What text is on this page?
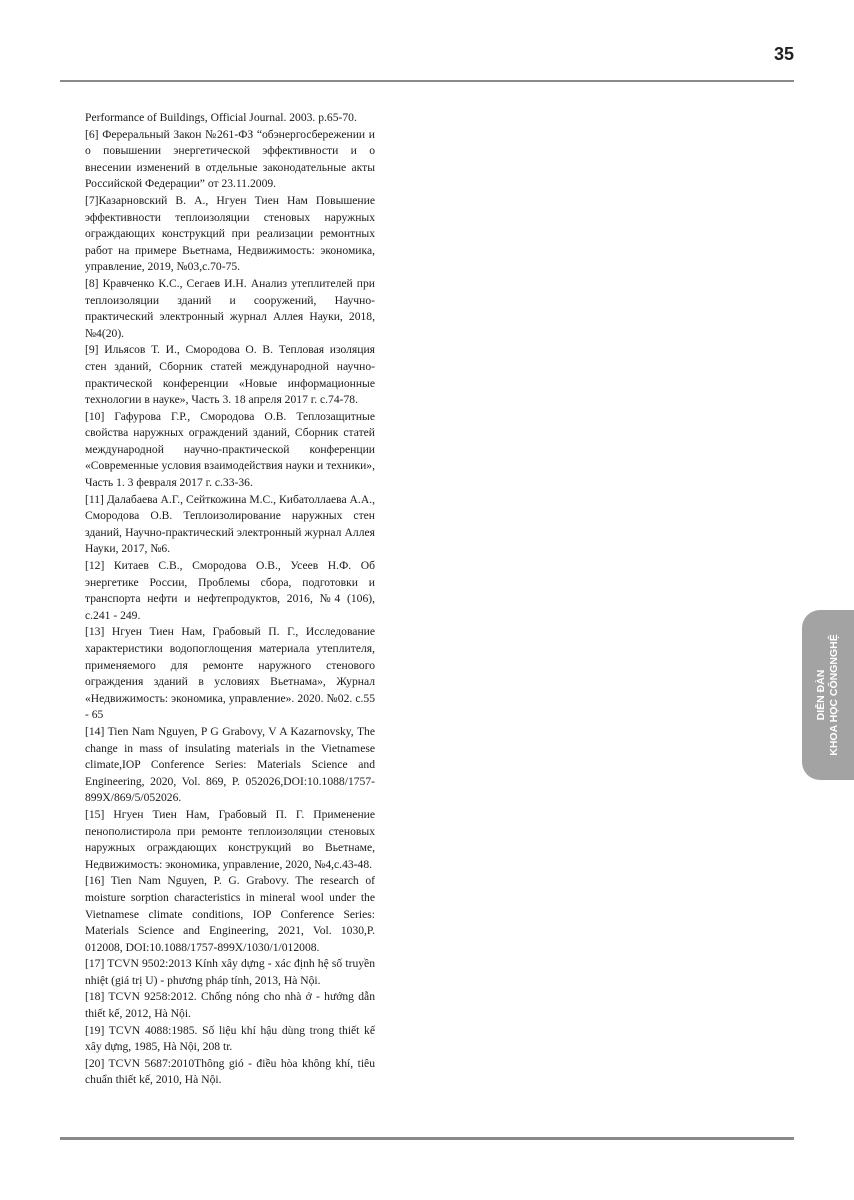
35

Performance of Buildings, Official Journal. 2003. p.65-70.

[6] Фереральный Закон №261-ФЗ “обэнергосбережении и о повышении энергетической эффективности и о внесении изменений в отдельные законодательные акты Российской Федерации” от 23.11.2009.

[7]Казарновский В. А., Нгуен Тиен Нам Повышение эффективности теплоизоляции стеновых наружных ограждающих конструкций при реализации ремонтных работ на примере Вьетнама, Недвижимость: экономика, управление, 2019, №03,с.70-75.

[8] Кравченко К.С., Сегаев И.Н. Анализ утеплителей при теплоизоляции зданий и сооружений, Научно-практический электронный журнал Аллея Науки, 2018, №4(20).

[9] Ильясов Т. И., Смородова О. В. Тепловая изоляция стен зданий, Сборник статей международной научно-практической конференции «Новые информационные технологии в науке», Часть 3. 18 апреля 2017 г. с.74-78.

[10] Гафурова Г.Р., Смородова О.В. Теплозащитные свойства наружных ограждений зданий, Сборник статей международной научно-практической конференции «Современные условия взаимодействия науки и техники», Часть 1. 3 февраля 2017 г. с.33-36.

[11] Далабаева А.Г., Сейткожина М.С., Кибатоллаева А.А., Смородова О.В. Теплоизолирование наружных стен зданий, Научно-практический электронный журнал Аллея Науки, 2017, №6.

[12] Китаев С.В., Смородова О.В., Усеев Н.Ф. Об энергетике России, Проблемы сбора, подготовки и транспорта нефти и нефтепродуктов, 2016, №4 (106), с.241 - 249.

[13] Нгуен Тиен Нам, Грабовый П. Г., Исследование характеристики водопоглощения материала утеплителя, применяемого для ремонте наружного стенового ограждения зданий в условиях Вьетнама», Журнал «Недвижимость: экономика, управление». 2020. №02. с.55 - 65

[14] Tien Nam Nguyen, P G Grabovy, V A Kazarnovsky, The change in mass of insulating materials in the Vietnamese climate,IOP Conference Series: Materials Science and Engineering, 2020, Vol. 869, P. 052026,DOI:10.1088/1757-899X/869/5/052026.

[15] Нгуен Тиен Нам, Грабовый П. Г. Применение пенополистирола при ремонте теплоизоляции стеновых наружных ограждающих конструкций во Вьетнаме, Недвижимость: экономика, управление, 2020, №4,с.43-48.

[16] Tien Nam Nguyen, P. G. Grabovy. The research of moisture sorption characteristics in mineral wool under the Vietnamese climate conditions, IOP Conference Series: Materials Science and Engineering, 2021, Vol. 1030,P. 012008, DOI:10.1088/1757-899X/1030/1/012008.

[17] TCVN 9502:2013 Kính xây dựng - xác định hệ số truyền nhiệt (giá trị U) - phương pháp tính, 2013, Hà Nội.

[18] TCVN 9258:2012. Chống nóng cho nhà ở - hướng dẫn thiết kế, 2012, Hà Nội.

[19] TCVN 4088:1985. Số liệu khí hậu dùng trong thiết kế xây dựng, 1985, Hà Nội, 208 tr.

[20] TCVN 5687:2010Thông gió - điều hòa không khí, tiêu chuẩn thiết kế, 2010, Hà Nội.

DIỄN ĐÀN KHOA HỌC CÔNGNGHỆ
